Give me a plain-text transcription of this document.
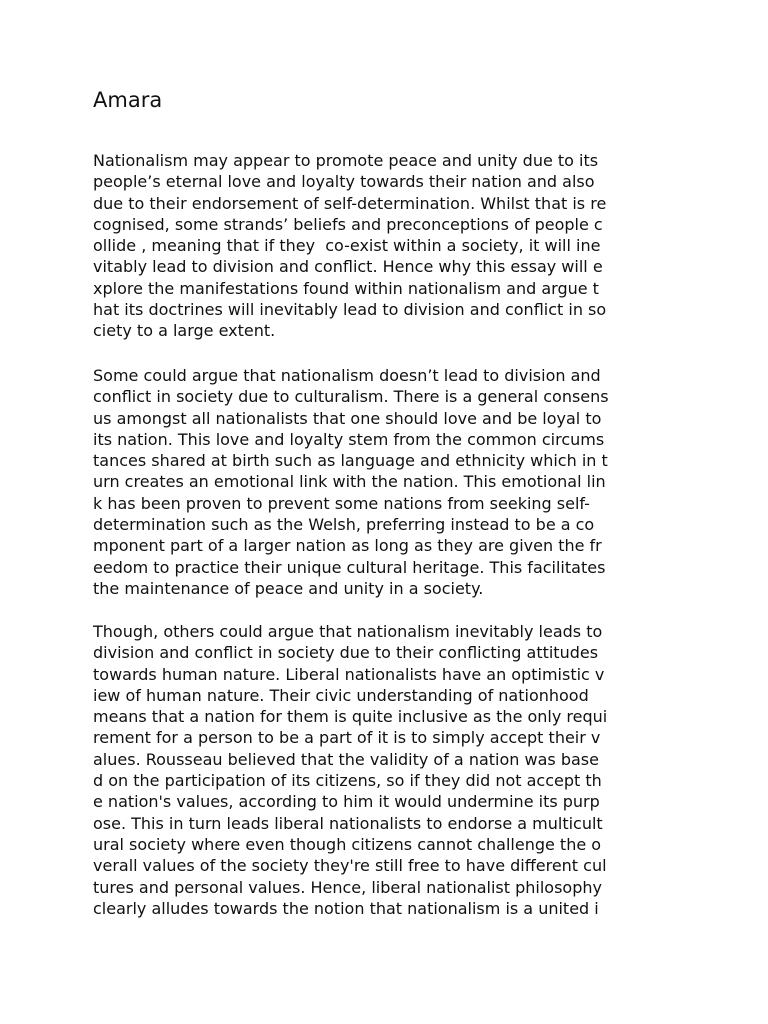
Amara
Nationalism may appear to promote peace and unity due to its
people’s eternal love and loyalty towards their nation and also
due to their endorsement of self-determination. Whilst that is re
cognised, some strands’ beliefs and preconceptions of people c
ollide , meaning that if they  co-exist within a society, it will ine
vitably lead to division and conflict. Hence why this essay will e
xplore the manifestations found within nationalism and argue t
hat its doctrines will inevitably lead to division and conflict in so
ciety to a large extent.
Some could argue that nationalism doesn’t lead to division and
conflict in society due to culturalism. There is a general consens
us amongst all nationalists that one should love and be loyal to
its nation. This love and loyalty stem from the common circums
tances shared at birth such as language and ethnicity which in t
urn creates an emotional link with the nation. This emotional lin
k has been proven to prevent some nations from seeking self-
determination such as the Welsh, preferring instead to be a co
mponent part of a larger nation as long as they are given the fr
eedom to practice their unique cultural heritage. This facilitates
the maintenance of peace and unity in a society.
Though, others could argue that nationalism inevitably leads to
division and conflict in society due to their conflicting attitudes
towards human nature. Liberal nationalists have an optimistic v
iew of human nature. Their civic understanding of nationhood
means that a nation for them is quite inclusive as the only requi
rement for a person to be a part of it is to simply accept their v
alues. Rousseau believed that the validity of a nation was base
d on the participation of its citizens, so if they did not accept th
e nation's values, according to him it would undermine its purp
ose. This in turn leads liberal nationalists to endorse a multicult
ural society where even though citizens cannot challenge the o
verall values of the society they're still free to have different cul
tures and personal values. Hence, liberal nationalist philosophy
clearly alludes towards the notion that nationalism is a united i
